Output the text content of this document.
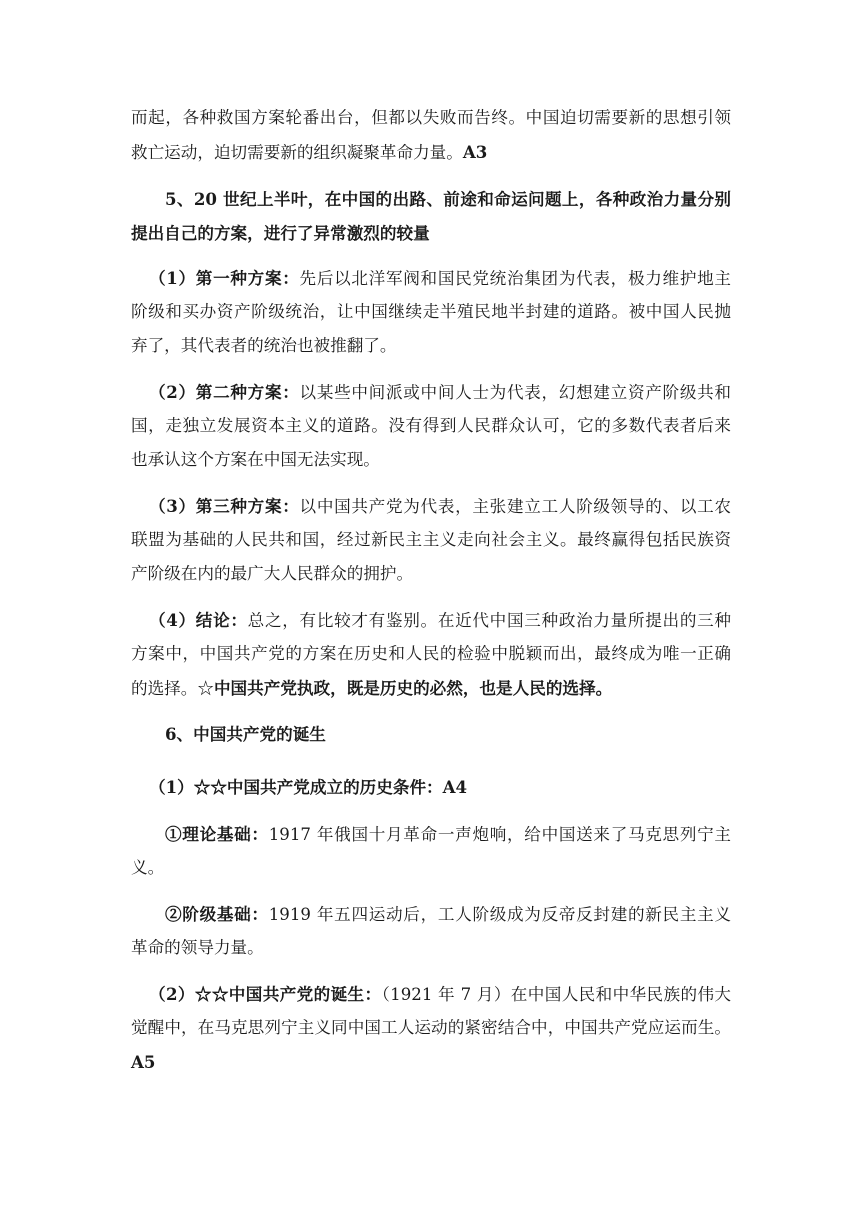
而起，各种救国方案轮番出台，但都以失败而告终。中国迫切需要新的思想引领
救亡运动，迫切需要新的组织凝聚革命力量。A3
5、20 世纪上半叶，在中国的出路、前途和命运问题上，各种政治力量分别
提出自己的方案，进行了异常激烈的较量
（1）第一种方案：先后以北洋军阀和国民党统治集团为代表，极力维护地主
阶级和买办资产阶级统治，让中国继续走半殖民地半封建的道路。被中国人民抛
弃了，其代表者的统治也被推翻了。
（2）第二种方案：以某些中间派或中间人士为代表，幻想建立资产阶级共和
国，走独立发展资本主义的道路。没有得到人民群众认可，它的多数代表者后来
也承认这个方案在中国无法实现。
（3）第三种方案：以中国共产党为代表，主张建立工人阶级领导的、以工农
联盟为基础的人民共和国，经过新民主主义走向社会主义。最终赢得包括民族资
产阶级在内的最广大人民群众的拥护。
（4）结论：总之，有比较才有鉴别。在近代中国三种政治力量所提出的三种
方案中，中国共产党的方案在历史和人民的检验中脱颖而出，最终成为唯一正确
的选择。☆中国共产党执政，既是历史的必然，也是人民的选择。
6、中国共产党的诞生
（1）☆☆中国共产党成立的历史条件：A4
①理论基础：1917 年俄国十月革命一声炮响，给中国送来了马克思列宁主
义。
②阶级基础：1919 年五四运动后，工人阶级成为反帝反封建的新民主主义
革命的领导力量。
（2）☆☆中国共产党的诞生：（1921 年 7 月）在中国人民和中华民族的伟大
觉醒中，在马克思列宁主义同中国工人运动的紧密结合中，中国共产党应运而生。
A5
